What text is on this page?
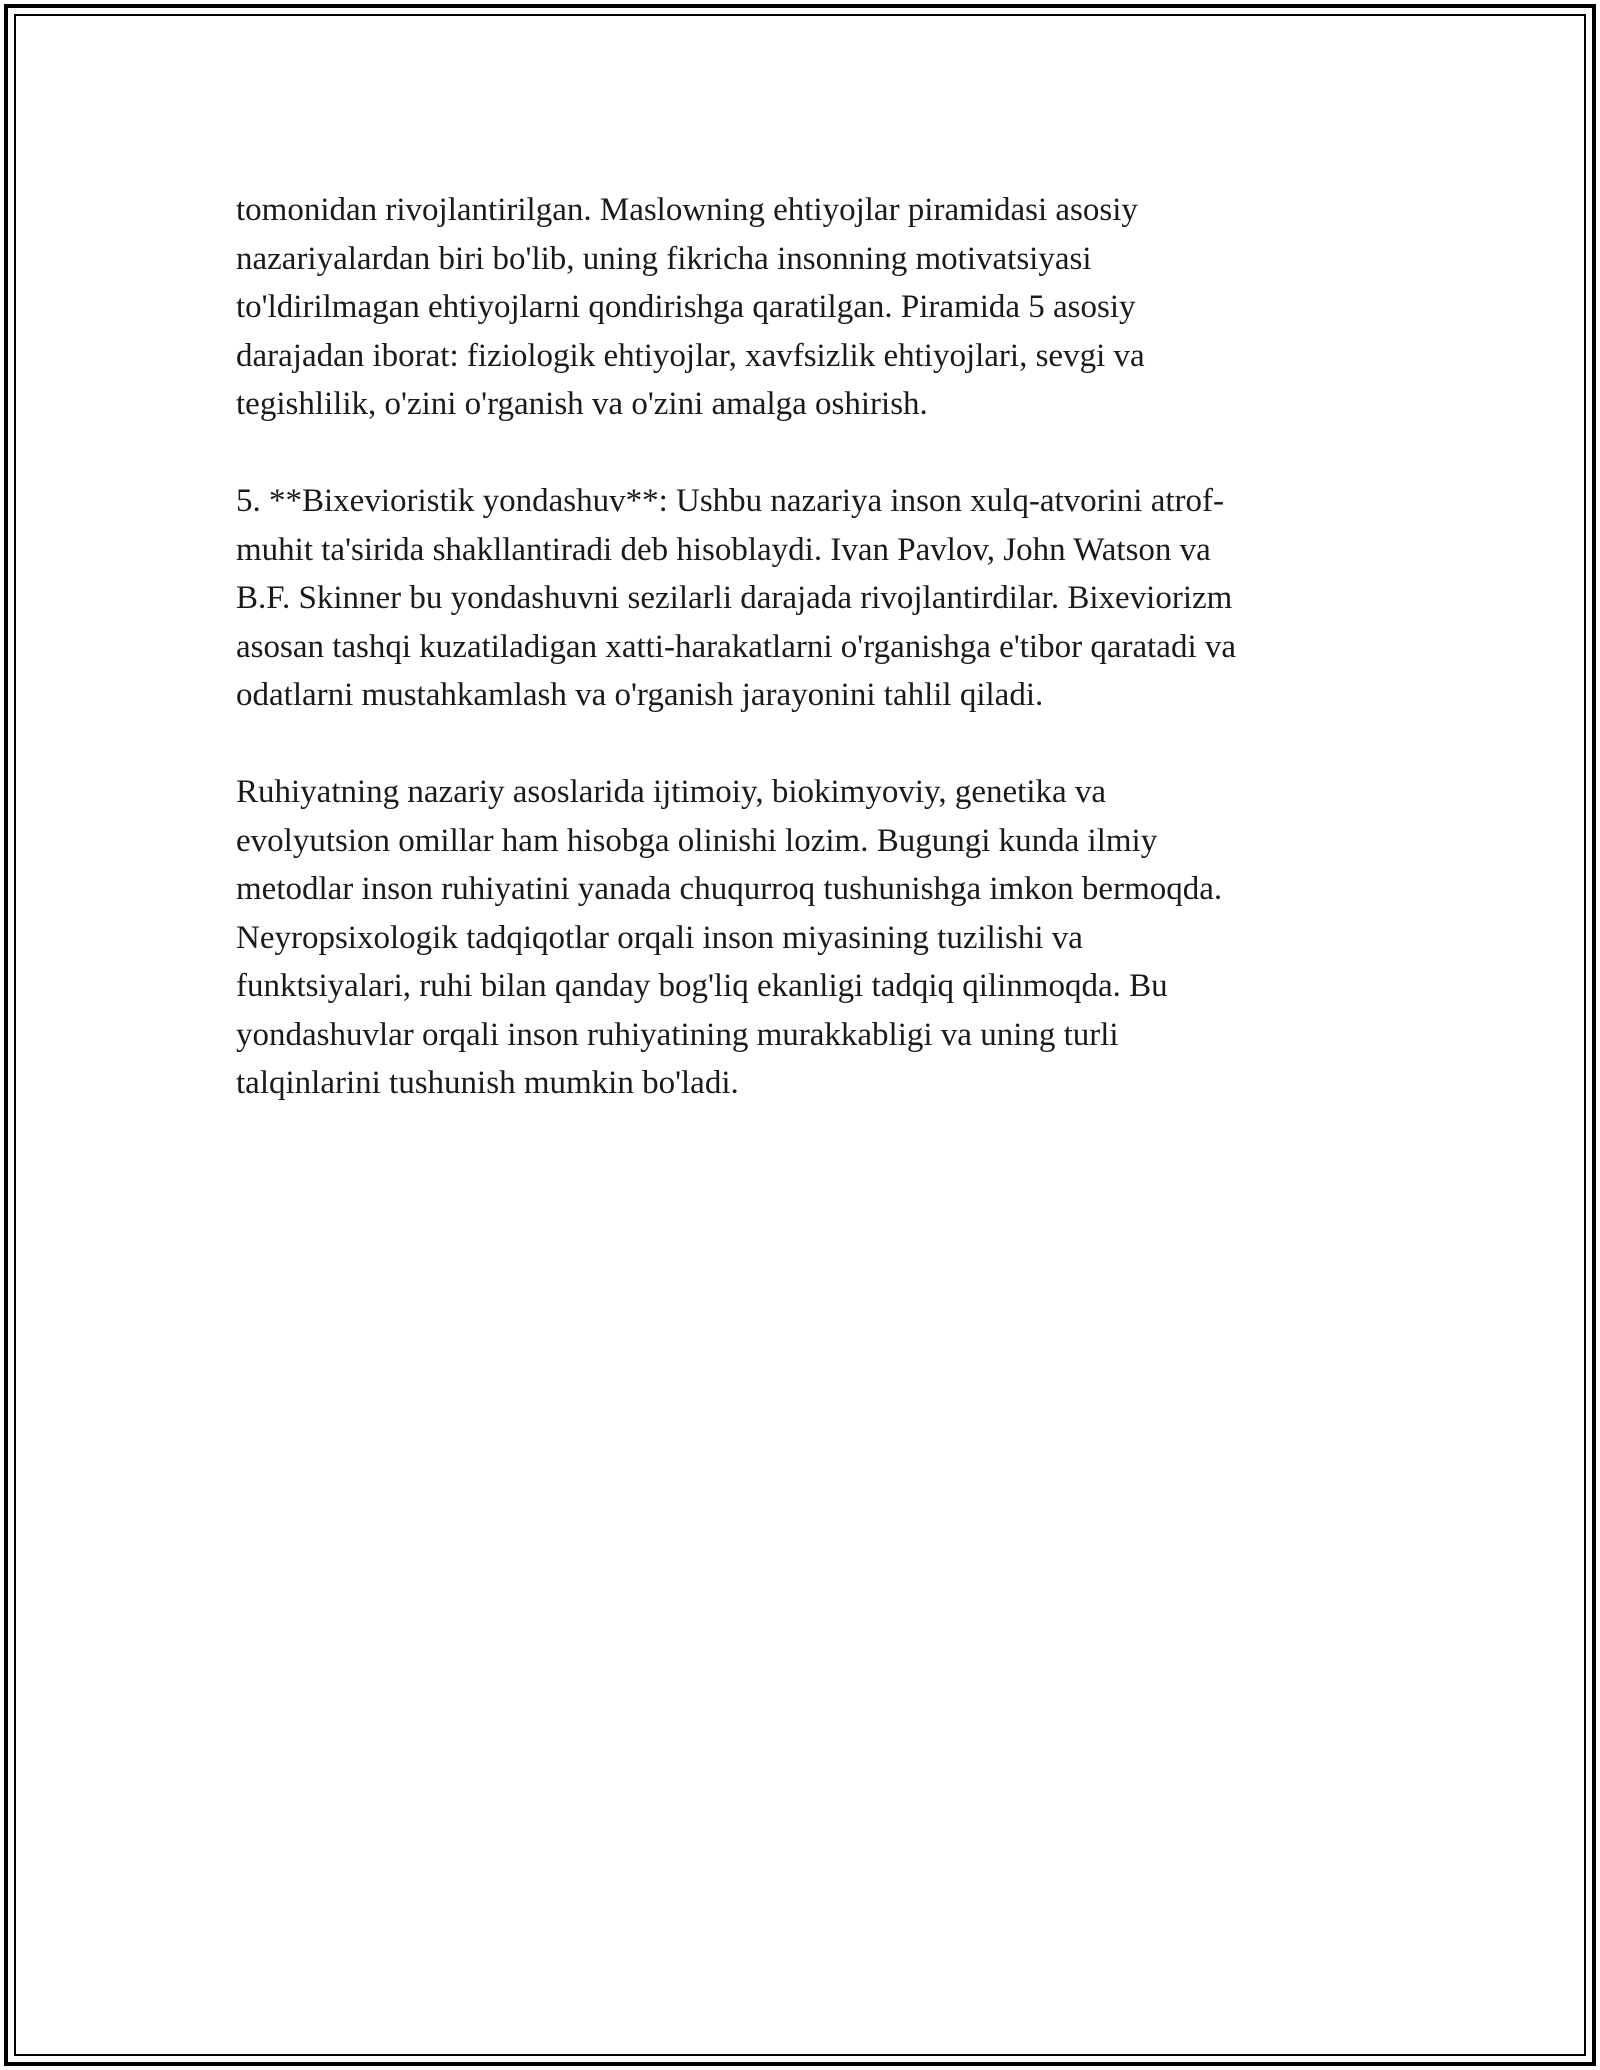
tomonidan rivojlantirilgan. Maslowning ehtiyojlar piramidasi asosiy
nazariyalardan biri bo'lib, uning fikricha insonning motivatsiyasi
to'ldirilmagan ehtiyojlarni qondirishga qaratilgan. Piramida 5 asosiy
darajadan iborat: fiziologik ehtiyojlar, xavfsizlik ehtiyojlari, sevgi va
tegishlilik, o'zini o'rganish va o'zini amalga oshirish.

5. **Bixevioristik yondashuv**: Ushbu nazariya inson xulq-atvorini atrof-
muhit ta'sirida shakllantiradi deb hisoblaydi. Ivan Pavlov, John Watson va
B.F. Skinner bu yondashuvni sezilarli darajada rivojlantirdilar. Bixeviorizm
asosan tashqi kuzatiladigan xatti-harakatlarni o'rganishga e'tibor qaratadi va
odatlarni mustahkamlash va o'rganish jarayonini tahlil qiladi.

Ruhiyatning nazariy asoslarida ijtimoiy, biokimyoviy, genetika va
evolyutsion omillar ham hisobga olinishi lozim. Bugungi kunda ilmiy
metodlar inson ruhiyatini yanada chuqurroq tushunishga imkon bermoqda.
Neyropsixologik tadqiqotlar orqali inson miyasining tuzilishi va
funktsiyalari, ruhi bilan qanday bog'liq ekanligi tadqiq qilinmoqda. Bu
yondashuvlar orqali inson ruhiyatining murakkabligi va uning turli
talqinlarini tushunish mumkin bo'ladi.
